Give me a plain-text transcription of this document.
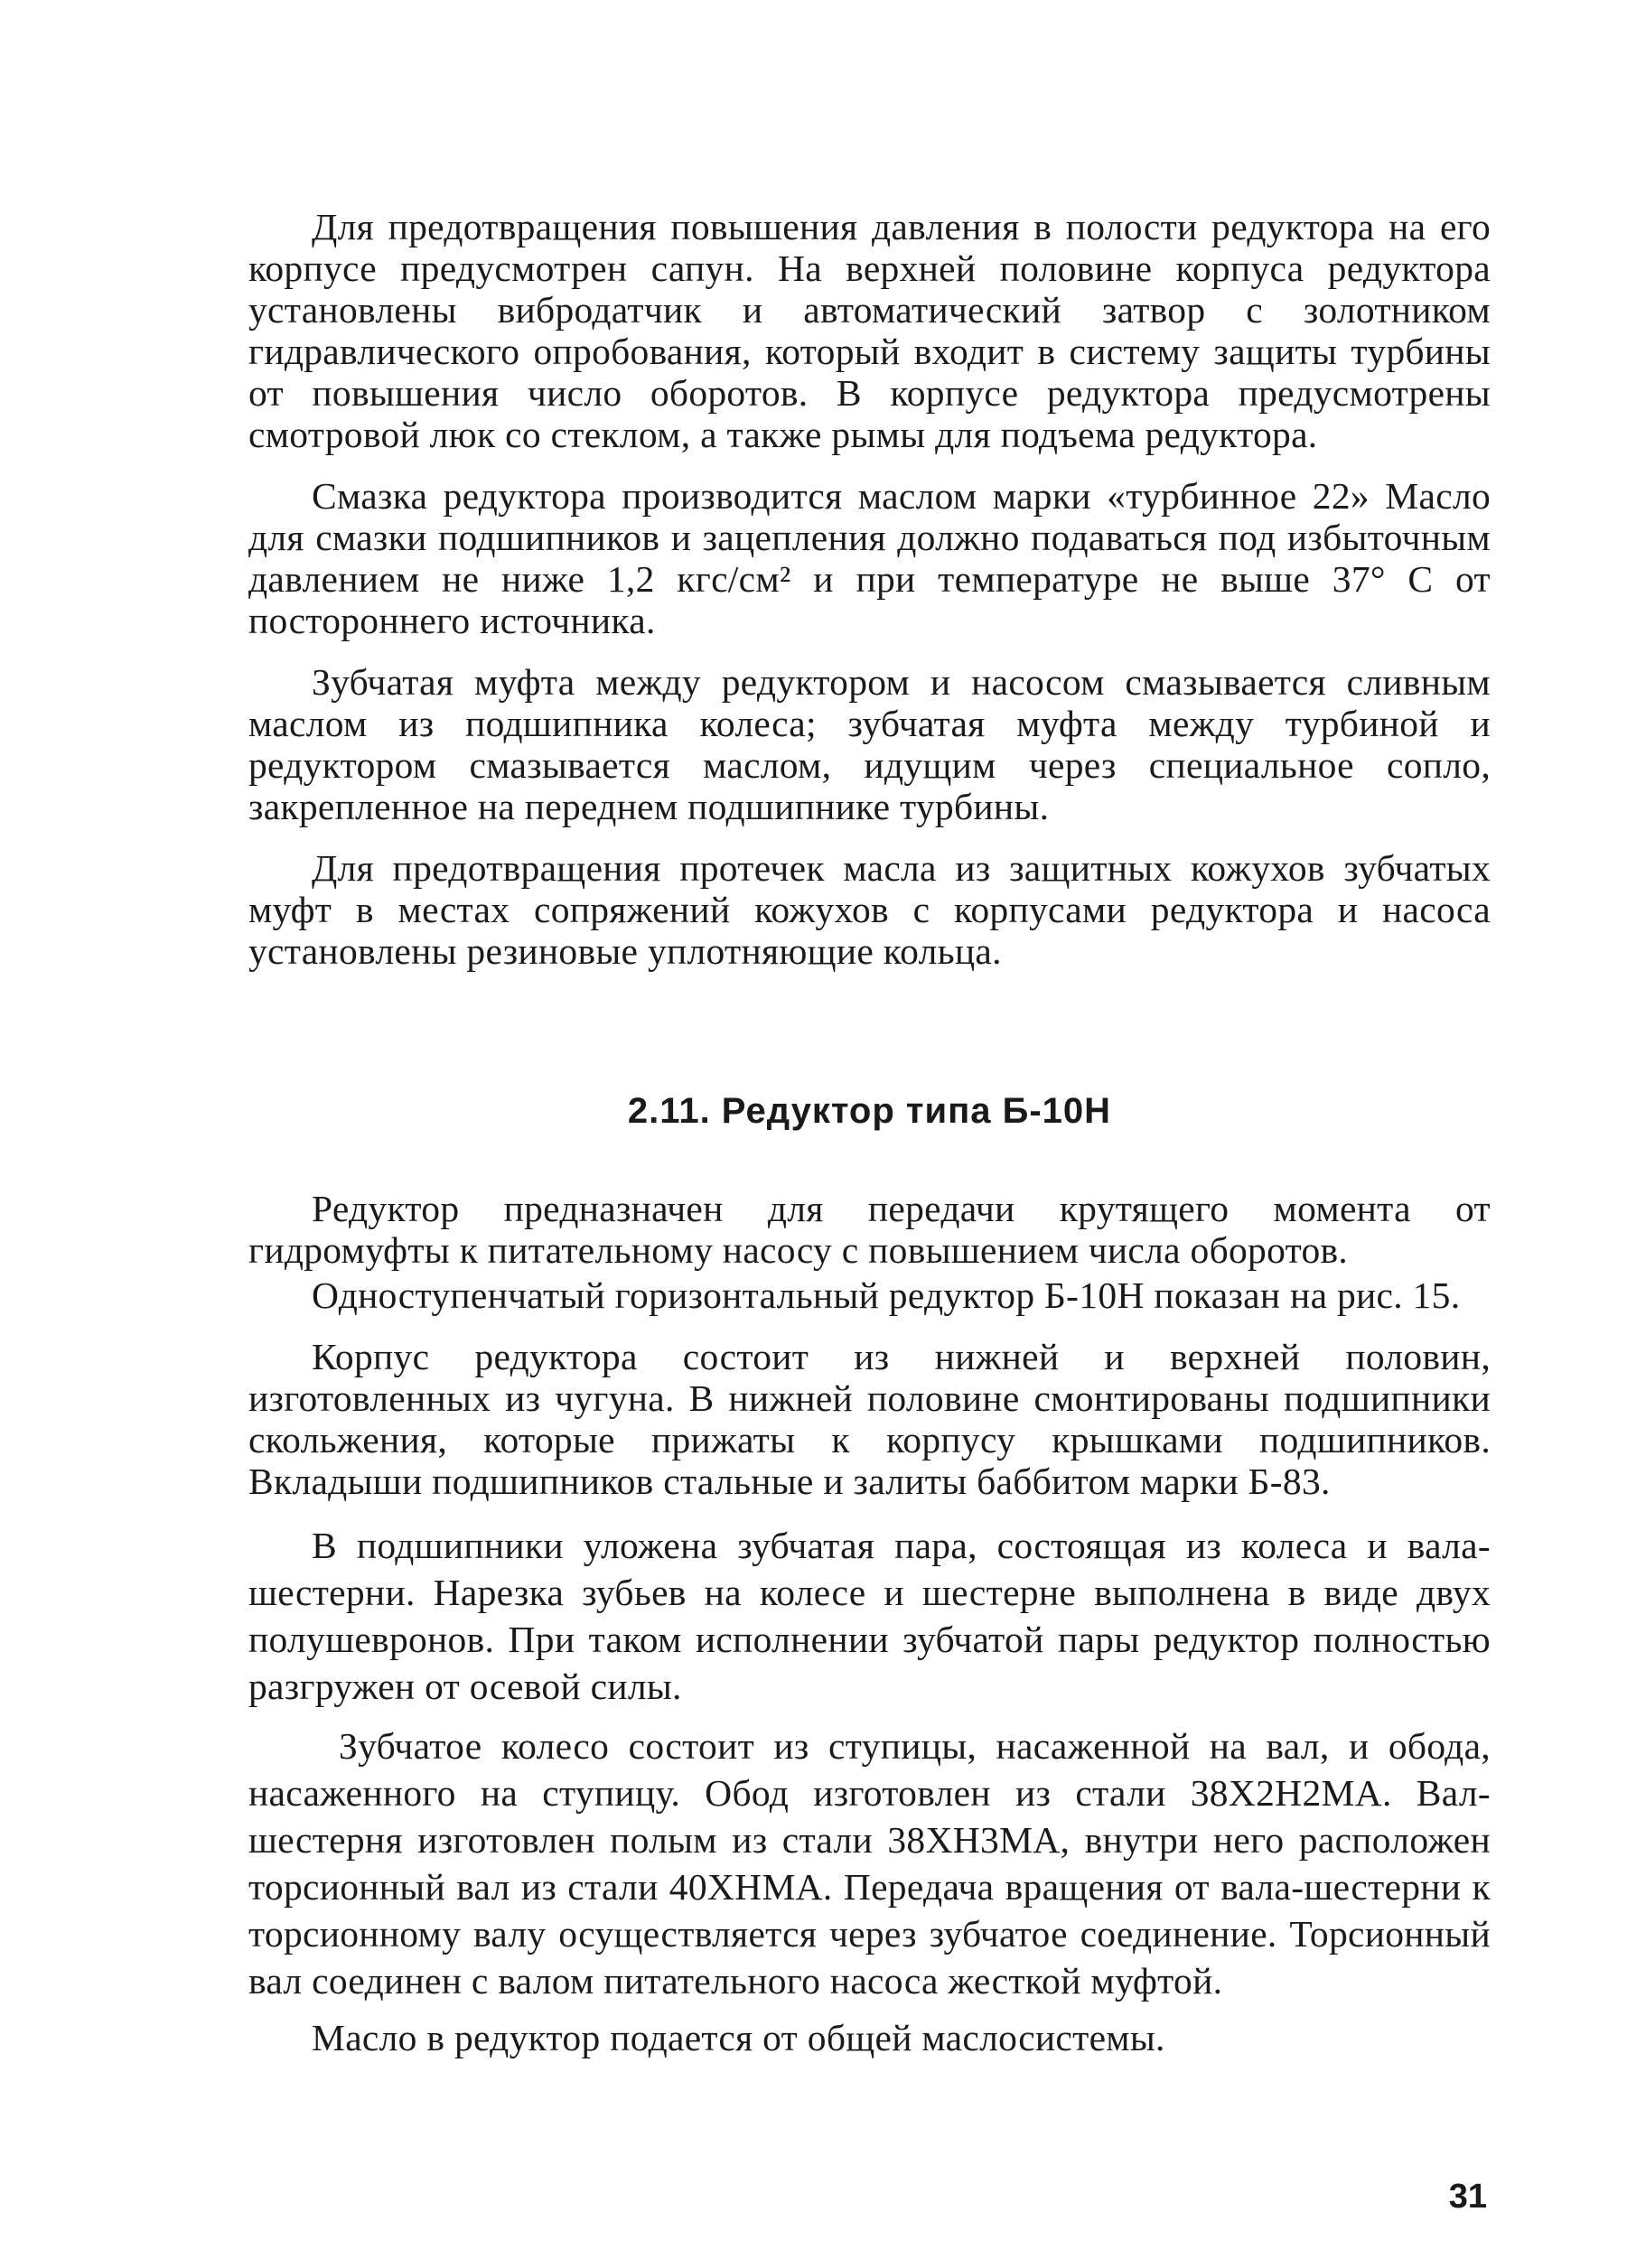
Для предотвращения повышения давления в полости редуктора на его корпусе предусмотрен сапун. На верхней половине корпуса редуктора установлены вибродатчик и автоматический затвор с золотником гидравлического опробования, который входит в систему защиты турбины от повышения число оборотов. В корпусе редуктора предусмотрены смотровой люк со стеклом, а также рымы для подъема редуктора.

Смазка редуктора производится маслом марки «турбинное 22» Масло для смазки подшипников и зацепления должно подаваться под избыточным давлением не ниже 1,2 кгс/см² и при температуре не выше 37° С от постороннего источника.

Зубчатая муфта между редуктором и насосом смазывается сливным маслом из подшипника колеса; зубчатая муфта между турбиной и редуктором смазывается маслом, идущим через специальное сопло, закрепленное на переднем подшипнике турбины.

Для предотвращения протечек масла из защитных кожухов зубчатых муфт в местах сопряжений кожухов с корпусами редуктора и насоса установлены резиновые уплотняющие кольца.

2.11. Редуктор типа Б-10Н

Редуктор предназначен для передачи крутящего момента от гидромуфты к питательному насосу с повышением числа оборотов.

Одноступенчатый горизонтальный редуктор Б-10Н показан на рис. 15.

Корпус редуктора состоит из нижней и верхней половин, изготовленных из чугуна. В нижней половине смонтированы подшипники скольжения, которые прижаты к корпусу крышками подшипников. Вкладыши подшипников стальные и залиты баббитом марки Б-83.

В подшипники уложена зубчатая пара, состоящая из колеса и вала-шестерни. Нарезка зубьев на колесе и шестерне выполнена в виде двух полушевронов. При таком исполнении зубчатой пары редуктор полностью разгружен от осевой силы.

Зубчатое колесо состоит из ступицы, насаженной на вал, и обода, насаженного на ступицу. Обод изготовлен из стали 38Х2Н2МА. Вал-шестерня изготовлен полым из стали 38ХН3МА, внутри него расположен торсионный вал из стали 40ХНМА. Передача вращения от вала-шестерни к торсионному валу осуществляется через зубчатое соединение. Торсионный вал соединен с валом питательного насоса жесткой муфтой.

Масло в редуктор подается от общей маслосистемы.

31
